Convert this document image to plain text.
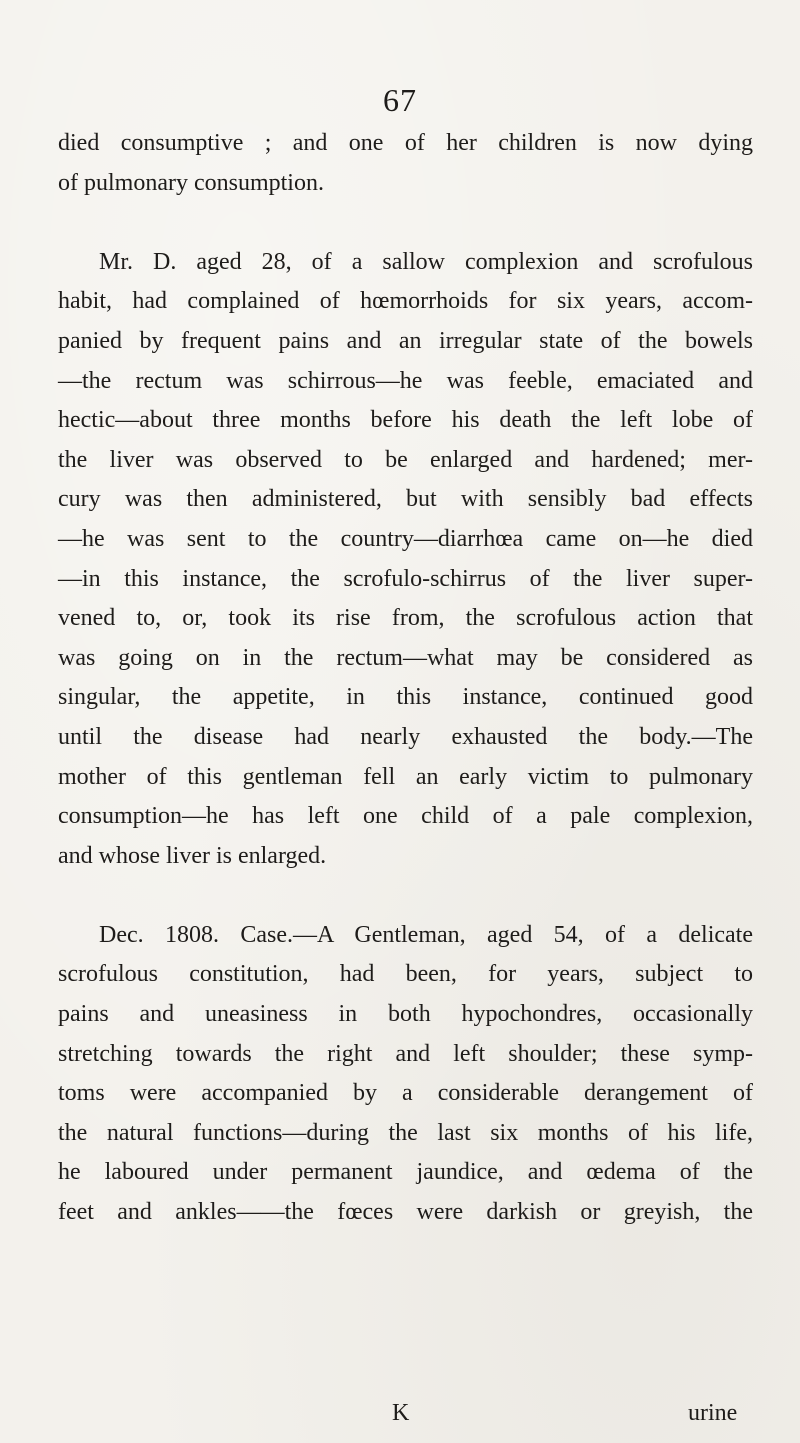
67
died consumptive ; and one of her children is now dying
of pulmonary consumption.
Mr. D. aged 28, of a sallow complexion and scrofulous
habit, had complained of hœmorrhoids for six years, accom-
panied by frequent pains and an irregular state of the bowels
—the rectum was schirrous—he was feeble, emaciated and
hectic—about three months before his death the left lobe of
the liver was observed to be enlarged and hardened; mer-
cury was then administered, but with sensibly bad effects
—he was sent to the country—diarrhœa came on—he died
—in this instance, the scrofulo-schirrus of the liver super-
vened to, or, took its rise from, the scrofulous action that
was going on in the rectum—what may be considered as
singular, the appetite, in this instance, continued good
until the disease had nearly exhausted the body.—The
mother of this gentleman fell an early victim to pulmonary
consumption—he has left one child of a pale complexion,
and whose liver is enlarged.
Dec. 1808. Case.—A Gentleman, aged 54, of a delicate
scrofulous constitution, had been, for years, subject to
pains and uneasiness in both hypochondres, occasionally
stretching towards the right and left shoulder; these symp-
toms were accompanied by a considerable derangement of
the natural functions—during the last six months of his life,
he laboured under permanent jaundice, and œdema of the
feet and ankles——the fœces were darkish or greyish, the
K	urine
